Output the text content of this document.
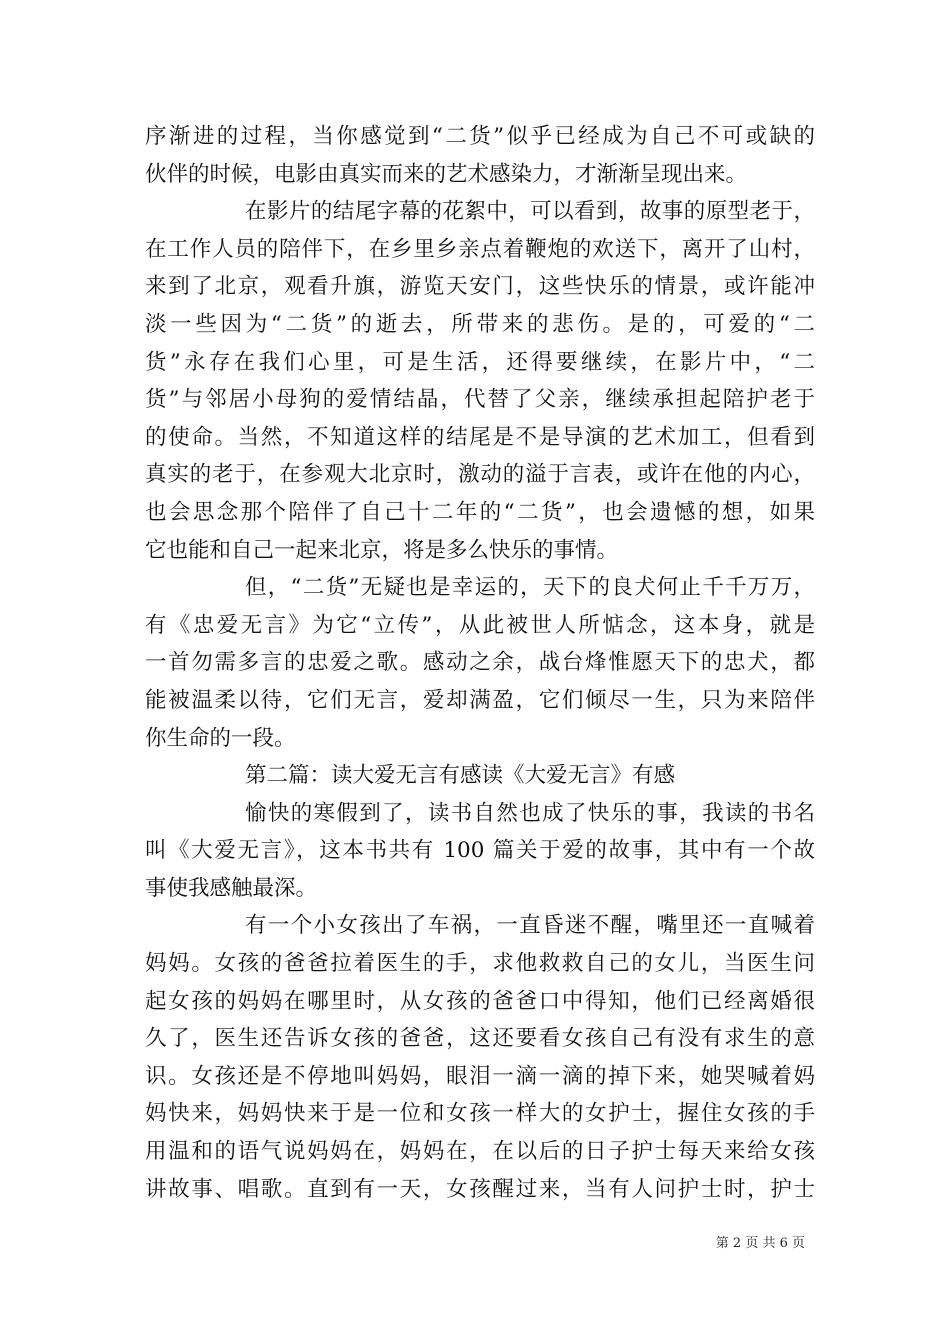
序渐进的过程，当你感觉到“二货”似乎已经成为自己不可或缺的
伙伴的时候，电影由真实而来的艺术感染力，才渐渐呈现出来。
在影片的结尾字幕的花絮中，可以看到，故事的原型老于，
在工作人员的陪伴下，在乡里乡亲点着鞭炮的欢送下，离开了山村，
来到了北京，观看升旗，游览天安门，这些快乐的情景，或许能冲
淡一些因为“二货”的逝去，所带来的悲伤。是的，可爱的“二
货”永存在我们心里，可是生活，还得要继续，在影片中，“二
货”与邻居小母狗的爱情结晶，代替了父亲，继续承担起陪护老于
的使命。当然，不知道这样的结尾是不是导演的艺术加工，但看到
真实的老于，在参观大北京时，激动的溢于言表，或许在他的内心，
也会思念那个陪伴了自己十二年的“二货”，也会遗憾的想，如果
它也能和自己一起来北京，将是多么快乐的事情。
但，“二货”无疑也是幸运的，天下的良犬何止千千万万，
有《忠爱无言》为它“立传”，从此被世人所惦念，这本身，就是
一首勿需多言的忠爱之歌。感动之余，战台烽惟愿天下的忠犬，都
能被温柔以待，它们无言，爱却满盈，它们倾尽一生，只为来陪伴
你生命的一段。
第二篇：读大爱无言有感读《大爱无言》有感
愉快的寒假到了，读书自然也成了快乐的事，我读的书名
叫《大爱无言》，这本书共有 100 篇关于爱的故事，其中有一个故
事使我感触最深。
有一个小女孩出了车祸，一直昏迷不醒，嘴里还一直喊着
妈妈。女孩的爸爸拉着医生的手，求他救救自己的女儿，当医生问
起女孩的妈妈在哪里时，从女孩的爸爸口中得知，他们已经离婚很
久了，医生还告诉女孩的爸爸，这还要看女孩自己有没有求生的意
识。女孩还是不停地叫妈妈，眼泪一滴一滴的掉下来，她哭喊着妈
妈快来，妈妈快来于是一位和女孩一样大的女护士，握住女孩的手
用温和的语气说妈妈在，妈妈在，在以后的日子护士每天来给女孩
讲故事、唱歌。直到有一天，女孩醒过来，当有人问护士时，护士
第 2 页 共 6 页
